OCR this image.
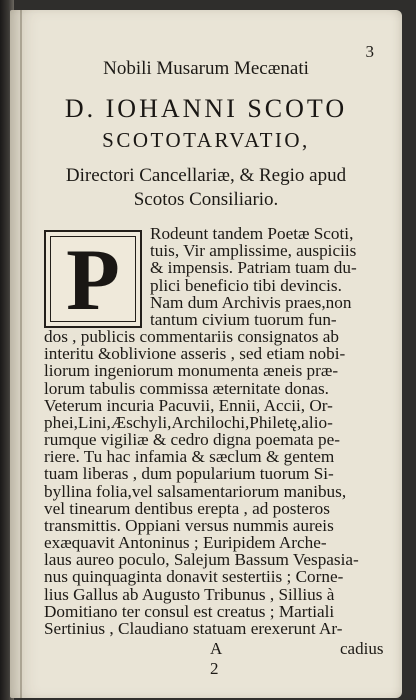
3
Nobili Musarum Mecænati
D. IOHANNI SCOTO
SCOTOTARVATIO,
Directori Cancellariæ, & Regio apud
Scotos Consiliario.
P	Rodeunt tandem Poetæ Scoti,
tuis, Vir amplissime, auspiciis
& impensis. Patriam tuam du-
plici beneficio tibi devincis.
Nam dum Archivis praes,non
tantum civium tuorum fun-
dos , publicis commentariis consignatos ab
interitu &oblivione asseris , sed etiam nobi-
liorum ingeniorum monumenta æneis præ-
lorum tabulis commissa æternitate donas.
Veterum incuria Pacuvii, Ennii, Accii, Or-
phei,Lini,Æschyli,Archilochi,Philetę,alio-
rumque vigiliæ & cedro digna poemata pe-
riere. Tu hac infamia & sæclum & gentem
tuam liberas , dum popularium tuorum Si-
byllina folia,vel salsamentariorum manibus,
vel tinearum dentibus erepta , ad posteros
transmittis. Oppiani versus nummis aureis
exæquavit Antoninus ; Euripidem Arche-
laus aureo poculo, Salejum Bassum Vespasia-
nus quinquaginta donavit sestertiis ; Corne-
lius Gallus ab Augusto Tribunus , Sillius à
Domitiano ter consul est creatus ; Martiali
Sertinius , Claudiano statuam erexerunt Ar-
A 2
cadius
